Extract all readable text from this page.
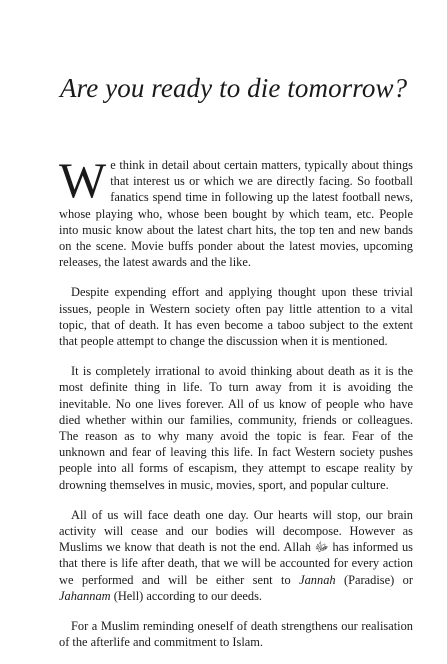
Are you ready to die tomorrow?

We think in detail about certain matters, typically about things that interest us or which we are directly facing. So football fanatics spend time in following up the latest football news, whose playing who, whose been bought by which team, etc. People into music know about the latest chart hits, the top ten and new bands on the scene. Movie buffs ponder about the latest movies, upcoming releases, the latest awards and the like.

Despite expending effort and applying thought upon these trivial issues, people in Western society often pay little attention to a vital topic, that of death. It has even become a taboo subject to the extent that people attempt to change the discussion when it is mentioned.

It is completely irrational to avoid thinking about death as it is the most definite thing in life. To turn away from it is avoiding the inevitable. No one lives forever. All of us know of people who have died whether within our families, community, friends or colleagues. The reason as to why many avoid the topic is fear. Fear of the unknown and fear of leaving this life. In fact Western society pushes people into all forms of escapism, they attempt to escape reality by drowning themselves in music, movies, sport, and popular culture.

All of us will face death one day. Our hearts will stop, our brain activity will cease and our bodies will decompose. However as Muslims we know that death is not the end. Allah ﷻ has informed us that there is life after death, that we will be accounted for every action we performed and will be either sent to Jannah (Paradise) or Jahannam (Hell) according to our deeds.

For a Muslim reminding oneself of death strengthens our realisation of the afterlife and commitment to Islam.
